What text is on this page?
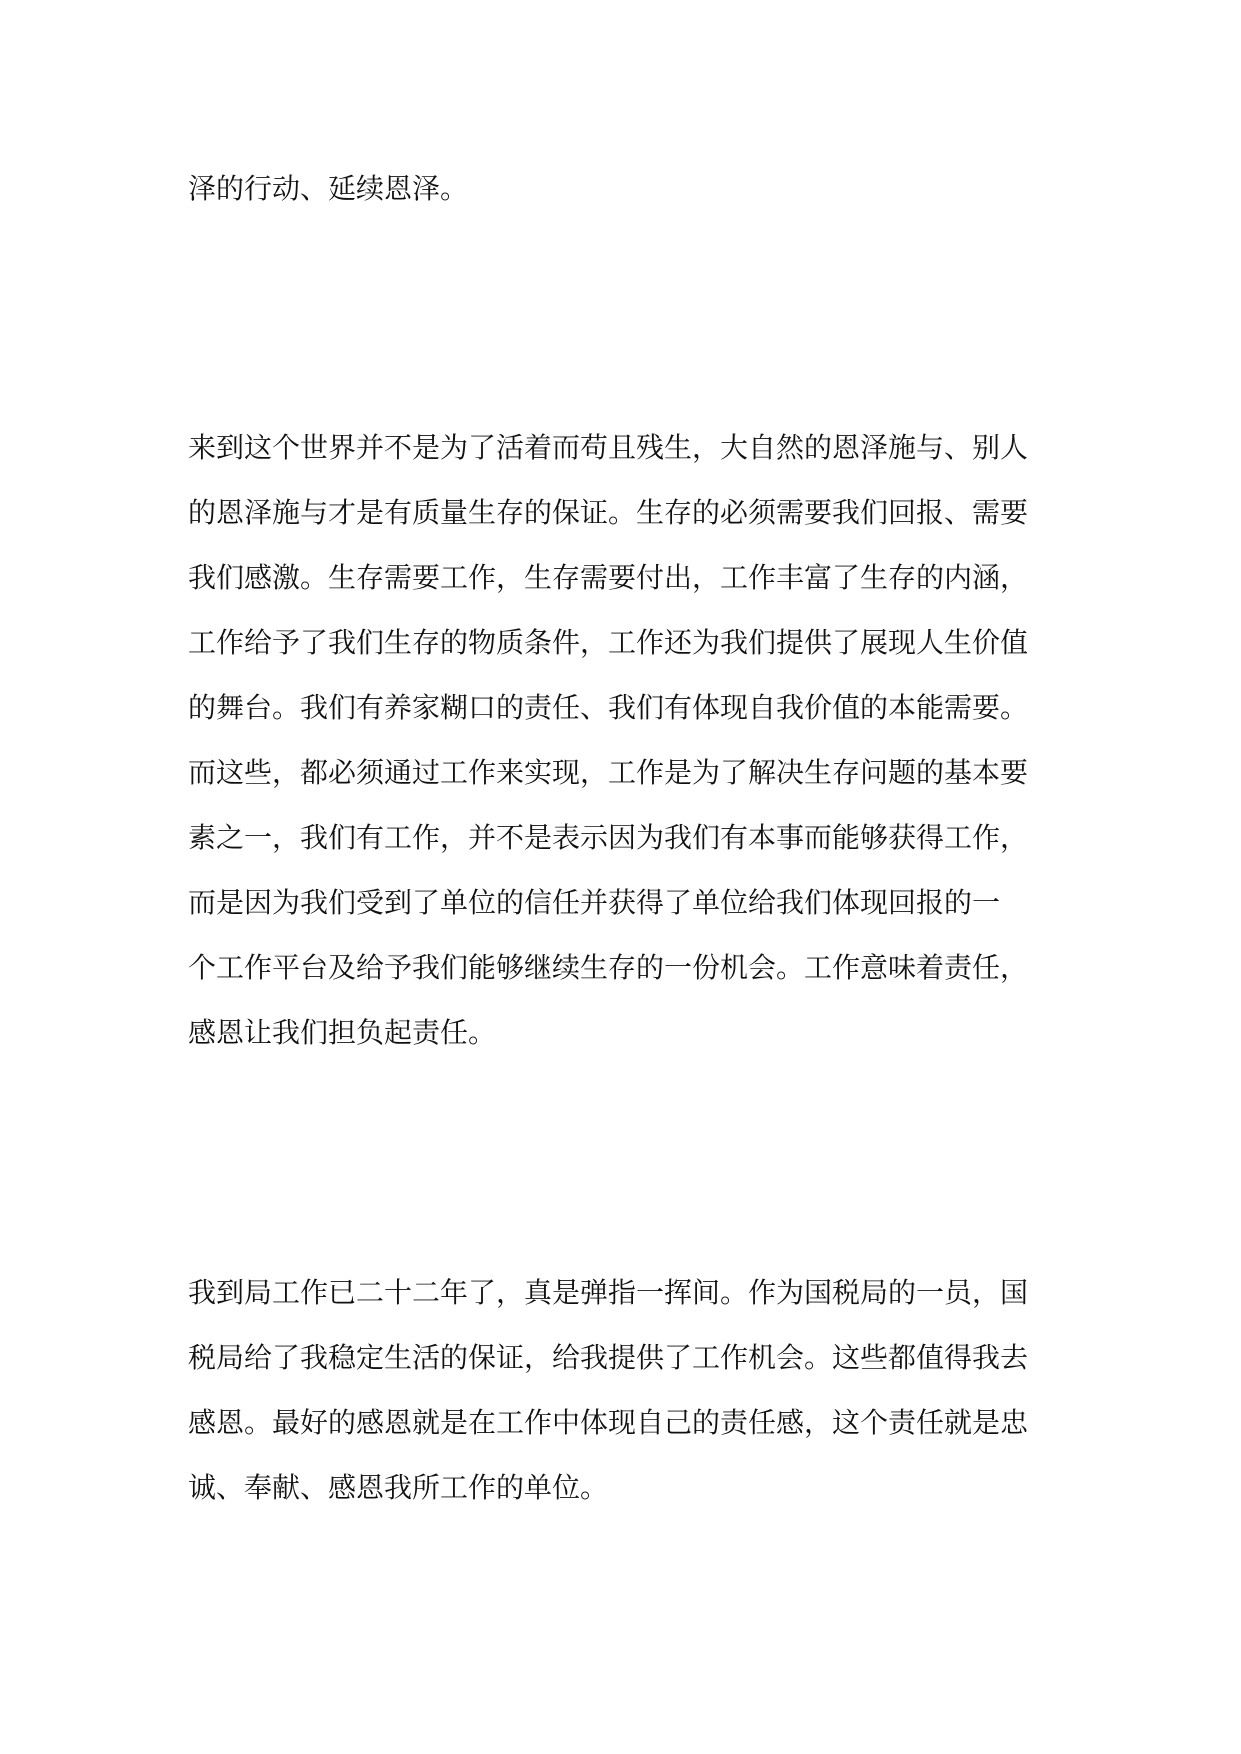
泽的行动、延续恩泽。
来到这个世界并不是为了活着而苟且残生，大自然的恩泽施与、别人
的恩泽施与才是有质量生存的保证。生存的必须需要我们回报、需要
我们感激。生存需要工作，生存需要付出，工作丰富了生存的内涵，
工作给予了我们生存的物质条件，工作还为我们提供了展现人生价值
的舞台。我们有养家糊口的责任、我们有体现自我价值的本能需要。
而这些，都必须通过工作来实现，工作是为了解决生存问题的基本要
素之一，我们有工作，并不是表示因为我们有本事而能够获得工作，
而是因为我们受到了单位的信任并获得了单位给我们体现回报的一
个工作平台及给予我们能够继续生存的一份机会。工作意味着责任，
感恩让我们担负起责任。
我到局工作已二十二年了，真是弹指一挥间。作为国税局的一员，国
税局给了我稳定生活的保证，给我提供了工作机会。这些都值得我去
感恩。最好的感恩就是在工作中体现自己的责任感，这个责任就是忠
诚、奉献、感恩我所工作的单位。
